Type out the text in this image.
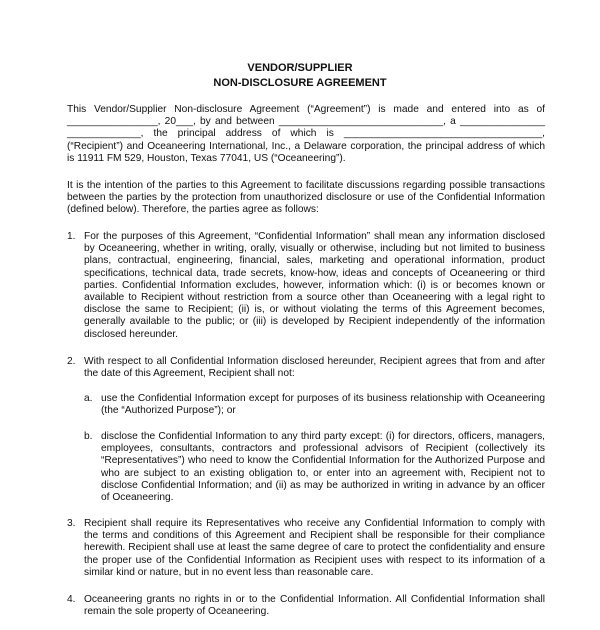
VENDOR/SUPPLIER
NON-DISCLOSURE AGREEMENT

This Vendor/Supplier Non-disclosure Agreement (“Agreement”) is made and entered into as of ________________, 20___, by and between _____________________________, a _______________ _____________, the principal address of which is ___________________________________, (“Recipient”) and Oceaneering International, Inc., a Delaware corporation, the principal address of which is 11911 FM 529, Houston, Texas 77041, US (“Oceaneering”).

It is the intention of the parties to this Agreement to facilitate discussions regarding possible transactions between the parties by the protection from unauthorized disclosure or use of the Confidential Information (defined below). Therefore, the parties agree as follows:

1. For the purposes of this Agreement, “Confidential Information” shall mean any information disclosed by Oceaneering, whether in writing, orally, visually or otherwise, including but not limited to business plans, contractual, engineering, financial, sales, marketing and operational information, product specifications, technical data, trade secrets, know-how, ideas and concepts of Oceaneering or third parties. Confidential Information excludes, however, information which: (i) is or becomes known or available to Recipient without restriction from a source other than Oceaneering with a legal right to disclose the same to Recipient; (ii) is, or without violating the terms of this Agreement becomes, generally available to the public; or (iii) is developed by Recipient independently of the information disclosed hereunder.

2. With respect to all Confidential Information disclosed hereunder, Recipient agrees that from and after the date of this Agreement, Recipient shall not:

a. use the Confidential Information except for purposes of its business relationship with Oceaneering (the “Authorized Purpose”); or

b. disclose the Confidential Information to any third party except: (i) for directors, officers, managers, employees, consultants, contractors and professional advisors of Recipient (collectively its “Representatives”) who need to know the Confidential Information for the Authorized Purpose and who are subject to an existing obligation to, or enter into an agreement with, Recipient not to disclose Confidential Information; and (ii) as may be authorized in writing in advance by an officer of Oceaneering.

3. Recipient shall require its Representatives who receive any Confidential Information to comply with the terms and conditions of this Agreement and Recipient shall be responsible for their compliance herewith. Recipient shall use at least the same degree of care to protect the confidentiality and ensure the proper use of the Confidential Information as Recipient uses with respect to its information of a similar kind or nature, but in no event less than reasonable care.

4. Oceaneering grants no rights in or to the Confidential Information. All Confidential Information shall remain the sole property of Oceaneering.
